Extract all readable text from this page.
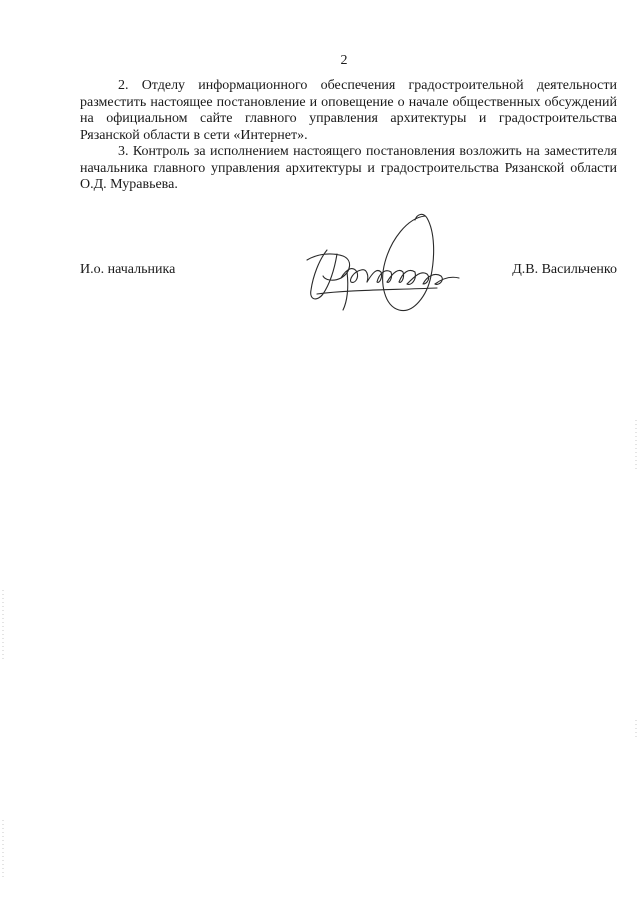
2

2. Отделу информационного обеспечения градостроительной деятельности разместить настоящее постановление и оповещение о начале общественных обсуждений на официальном сайте главного управления архитектуры и градостроительства Рязанской области в сети «Интернет».

3. Контроль за исполнением настоящего постановления возложить на заместителя начальника главного управления архитектуры и градостроительства Рязанской области О.Д. Муравьева.

И.о. начальника	Д.В. Васильченко
